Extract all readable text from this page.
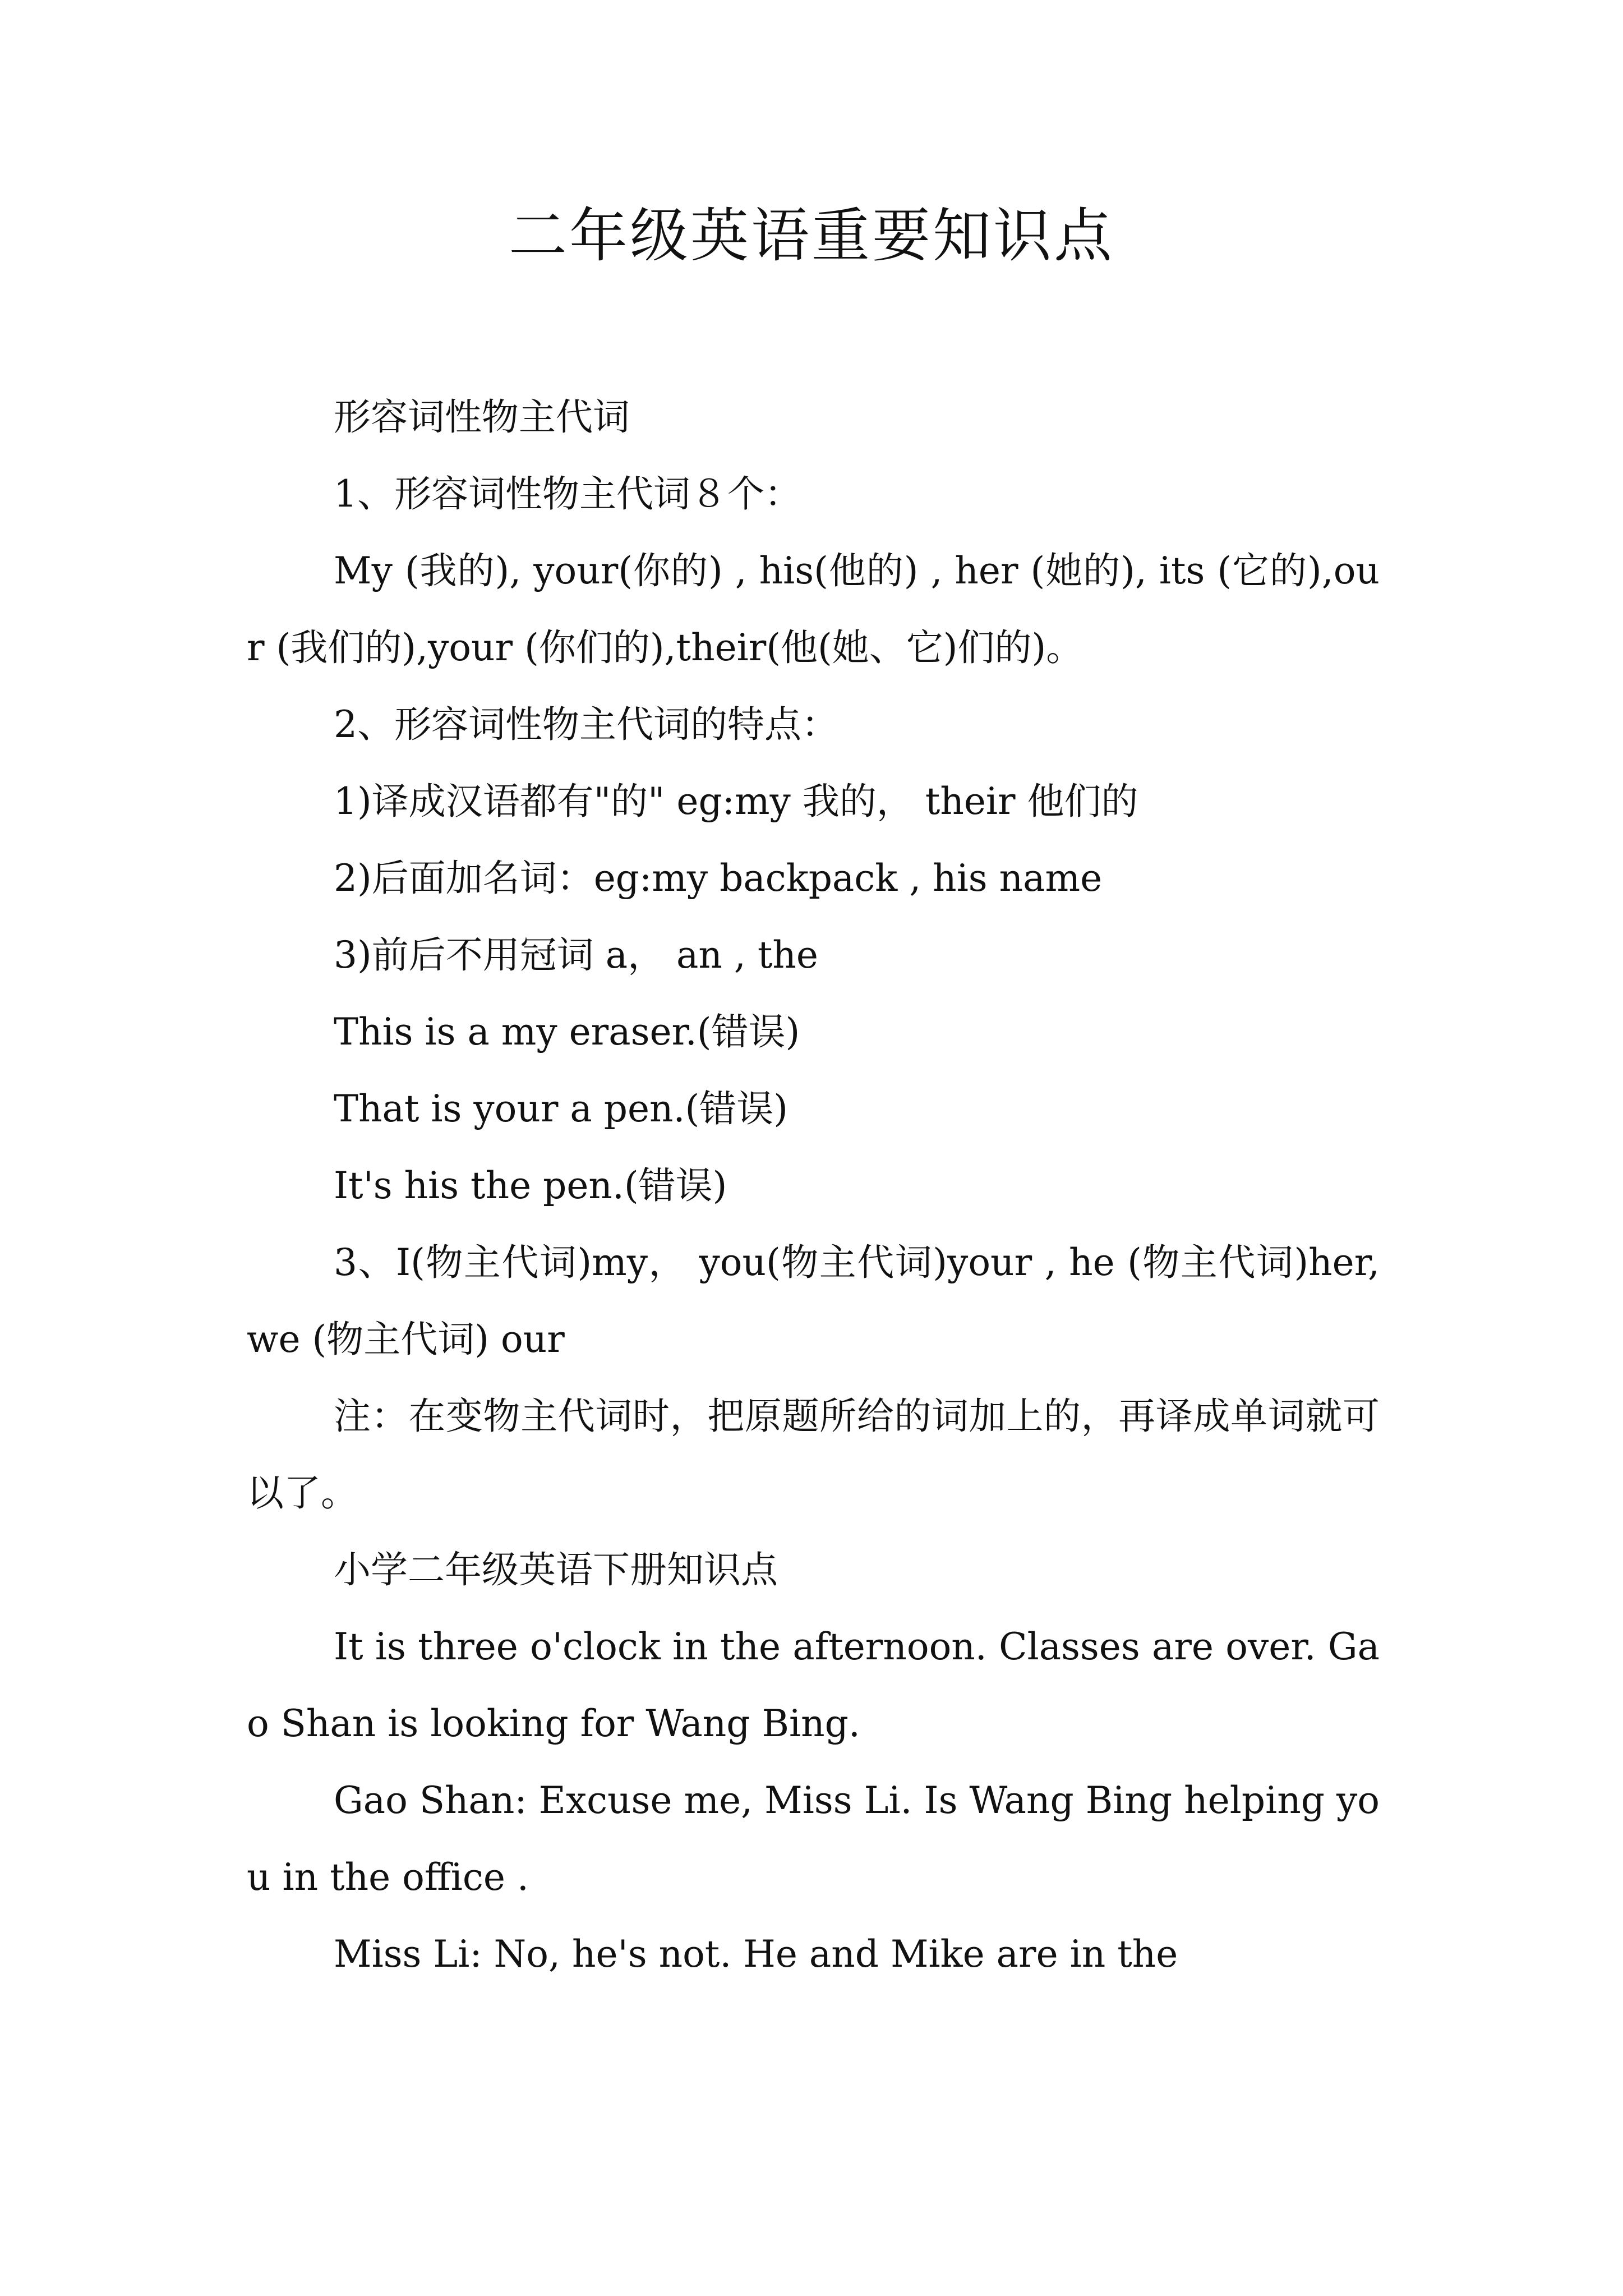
二年级英语重要知识点

形容词性物主代词

1、形容词性物主代词８个：

My (我的), your(你的) , his(他的) , her (她的), its (它的),our (我们的),your (你们的),their(他(她、它)们的)。

2、形容词性物主代词的特点：

1)译成汉语都有"的" eg:my 我的， their 他们的

2)后面加名词：eg:my backpack , his name

3)前后不用冠词 a， an , the

This is a my eraser.(错误)

That is your a pen.(错误)

It's his the pen.(错误)

3、I(物主代词)my， you(物主代词)your , he (物主代词)her, we (物主代词) our

注：在变物主代词时，把原题所给的词加上的，再译成单词就可以了。

小学二年级英语下册知识点

It is three o'clock in the afternoon. Classes are over. Gao Shan is looking for Wang Bing.

Gao Shan: Excuse me, Miss Li. Is Wang Bing helping you in the office .

Miss Li: No, he's not. He and Mike are in the
